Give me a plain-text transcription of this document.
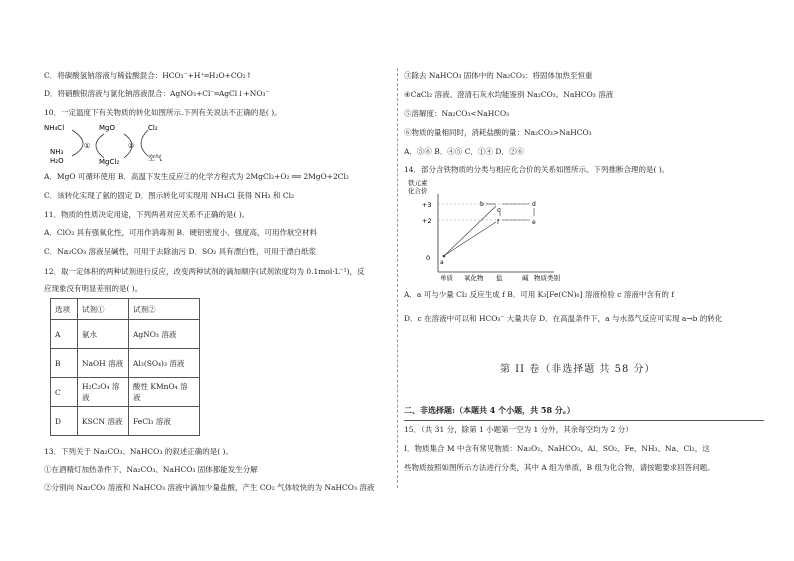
C．将碳酸氢钠溶液与稀盐酸混合：HCO₃⁻+H⁺═H₂O+CO₂↑
D．将硝酸银溶液与氯化钠溶液混合：AgNO₃+Cl⁻═AgCl↓+NO₃⁻
10．一定温度下有关物质的转化如图所示.下列有关说法不正确的是( )。
NH₄Cl	MgO	Cl₂
NH₃
H₂O	MgCl₂	空气
①	②
A．MgO 可循环使用 B．高温下发生反应②的化学方程式为 2MgCl₂+O₂ ══ 2MgO+2Cl₂
C．该转化实现了氨的固定 D．图示转化可实现用 NH₄Cl 获得 NH₃ 和 Cl₂
11．物质的性质决定用途，下列两者对应关系不正确的是( )。
A．ClO₂ 具有强氧化性，可用作消毒剂 B．硬铝密度小、强度高，可用作航空材料
C．Na₂CO₃ 溶液呈碱性，可用于去除油污 D．SO₂ 具有漂白性，可用于漂白纸浆
12．取一定体积的两种试剂进行反应，改变两种试剂的滴加顺序(试剂浓度均为 0.1mol·L⁻¹)，反
应现象没有明显差别的是( )。
选项	试剂①	试剂②
A	氨水	AgNO₃ 溶液
B	NaOH 溶液	Al₂(SO₄)₃ 溶液
C	H₂C₂O₄ 溶液	酸性 KMnO₄ 溶液
D	KSCN 溶液	FeCl₃ 溶液
13．下列关于 Na₂CO₃、NaHCO₃ 的叙述正确的是( )。
①在酒精灯加热条件下，Na₂CO₃、NaHCO₃ 固体都能发生分解
②分别向 Na₂CO₃ 溶液和 NaHCO₃ 溶液中滴加少量盐酸，产生 CO₂ 气体较快的为 NaHCO₃ 溶液
③除去 NaHCO₃ 固体中的 Na₂CO₃：将固体加热至恒重
④CaCl₂ 溶液、澄清石灰水均能鉴别 Na₂CO₃、NaHCO₃ 溶液
⑤溶解度：Na₂CO₃<NaHCO₃
⑥物质的量相同时，消耗盐酸的量：Na₂CO₃>NaHCO₃
A．⑤⑥ B．④⑤ C．①④ D．②⑥
14．部分含铁物质的分类与相应化合价的关系如图所示。下列推断合理的是( )。
铁元素
化合价
+3
+2
0
单质 氧化物 盐	碱 物质类别
a
b
c
d
e
f
A．a 可与少量 Cl₂ 反应生成 f B．可用 K₃[Fe(CN)₆] 溶液检验 c 溶液中含有的 f
D．c 在溶液中可以和 HCO₃⁻ 大量共存 D．在高温条件下，a 与水蒸气反应可实现 a→b 的转化
第 II 卷（非选择题 共 58 分）
二、非选择题:（本题共 4 个小题，共 58 分。）
15．（共 31 分，除第 1 小题第一空为 1 分外，其余每空均为 2 分）
Ⅰ．物质集合 M 中含有常见物质：Na₂O₂、NaHCO₃、Al、SO₂、Fe、NH₃、Na、Cl₂，这
些物质按照如图所示方法进行分类，其中 A 组为单质，B 组为化合物，请按题要求回答问题。
